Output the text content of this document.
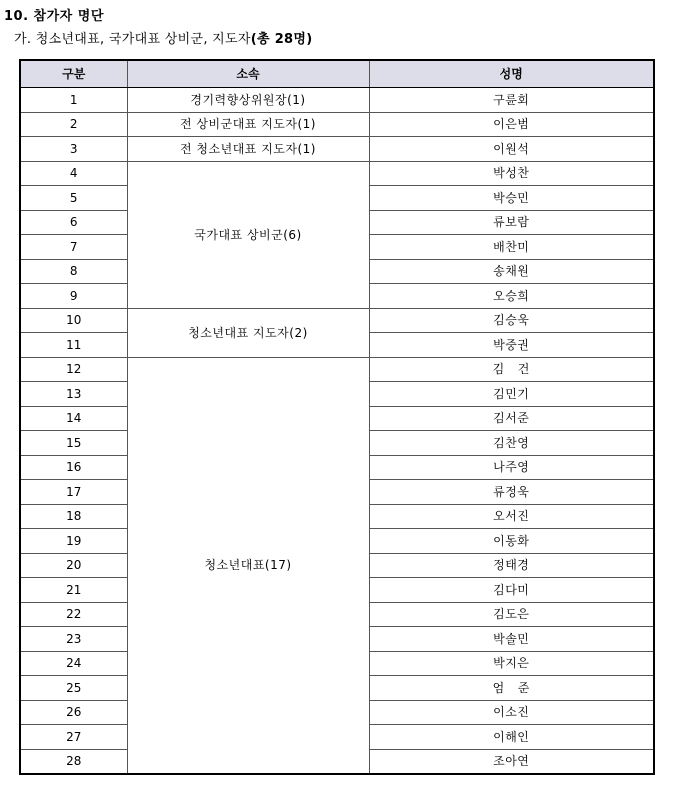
10. 참가자 명단
가. 청소년대표, 국가대표 상비군, 지도자(총 28명)
구분	소속	성명
1	경기력향상위원장(1)	구륜회
2	전 상비군대표 지도자(1)	이은범
3	전 청소년대표 지도자(1)	이원석
4	국가대표 상비군(6)	박성찬
5		박승민
6		류보람
7		배찬미
8		송채원
9		오승희
10	청소년대표 지도자(2)	김승욱
11		박중권
12	청소년대표(17)	김   건
13		김민기
14		김서준
15		김찬영
16		나주영
17		류정욱
18		오서진
19		이동화
20		정태경
21		김다미
22		김도은
23		박솔민
24		박지은
25		엄   준
26		이소진
27		이해인
28		조아연
